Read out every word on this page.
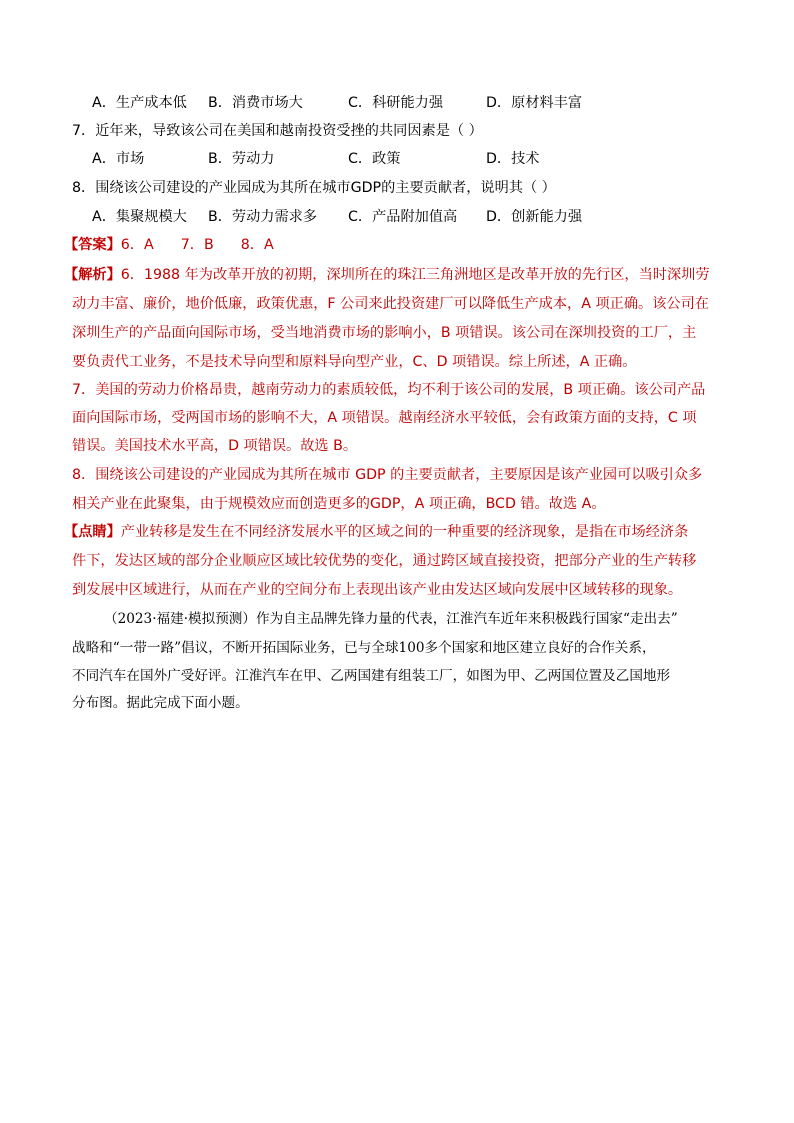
A．生产成本低 B．消费市场大	C．科研能力强	D．原材料丰富
7．近年来，导致该公司在美国和越南投资受挫的共同因素是（ ）
A．市场	B．劳动力	C．政策	D．技术
8．围绕该公司建设的产业园成为其所在城市GDP的主要贡献者，说明其（ ）
A．集聚规模大 B．劳动力需求多 C．产品附加值高 D．创新能力强
【答案】6．A      7．B      8．A
【解析】6．1988 年为改革开放的初期，深圳所在的珠江三角洲地区是改革开放的先行区，当时深圳劳
动力丰富、廉价，地价低廉，政策优惠，F 公司来此投资建厂可以降低生产成本，A 项正确。该公司在
深圳生产的产品面向国际市场，受当地消费市场的影响小，B 项错误。该公司在深圳投资的工厂，主
要负责代工业务，不是技术导向型和原料导向型产业，C、D 项错误。综上所述，A 正确。
7．美国的劳动力价格昂贵，越南劳动力的素质较低，均不利于该公司的发展，B 项正确。该公司产品
面向国际市场，受两国市场的影响不大，A 项错误。越南经济水平较低，会有政策方面的支持，C 项
错误。美国技术水平高，D 项错误。故选 B。
8．围绕该公司建设的产业园成为其所在城市 GDP 的主要贡献者，主要原因是该产业园可以吸引众多
相关产业在此聚集，由于规模效应而创造更多的GDP，A 项正确，BCD 错。故选 A。
【点睛】产业转移是发生在不同经济发展水平的区域之间的一种重要的经济现象，是指在市场经济条
件下，发达区域的部分企业顺应区域比较优势的变化，通过跨区域直接投资，把部分产业的生产转移
到发展中区域进行，从而在产业的空间分布上表现出该产业由发达区域向发展中区域转移的现象。
（2023·福建·模拟预测）作为自主品牌先锋力量的代表，江淮汽车近年来积极践行国家“走出去”
战略和“一带一路”倡议，不断开拓国际业务，已与全球100多个国家和地区建立良好的合作关系，
不同汽车在国外广受好评。江淮汽车在甲、乙两国建有组装工厂，如图为甲、乙两国位置及乙国地形
分布图。据此完成下面小题。
